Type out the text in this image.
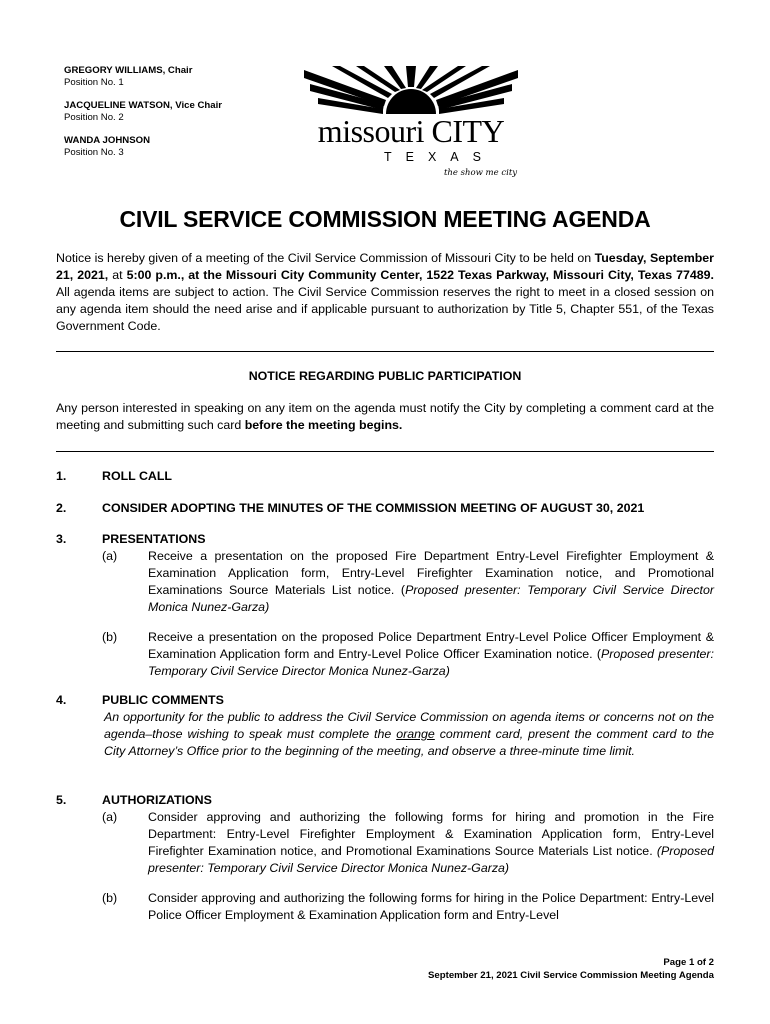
GREGORY WILLIAMS, Chair
Position No. 1
JACQUELINE WATSON, Vice Chair
Position No. 2
WANDA JOHNSON
Position No. 3
missouri CITY
TEXAS
the show me city
CIVIL SERVICE COMMISSION MEETING AGENDA
Notice is hereby given of a meeting of the Civil Service Commission of Missouri City to be held on Tuesday, September 21, 2021, at 5:00 p.m., at the Missouri City Community Center, 1522 Texas Parkway, Missouri City, Texas 77489. All agenda items are subject to action. The Civil Service Commission reserves the right to meet in a closed session on any agenda item should the need arise and if applicable pursuant to authorization by Title 5, Chapter 551, of the Texas Government Code.
NOTICE REGARDING PUBLIC PARTICIPATION
Any person interested in speaking on any item on the agenda must notify the City by completing a comment card at the meeting and submitting such card before the meeting begins.
1.	ROLL CALL
2.	CONSIDER ADOPTING THE MINUTES OF THE COMMISSION MEETING OF AUGUST 30, 2021
3.	PRESENTATIONS
(a) Receive a presentation on the proposed Fire Department Entry-Level Firefighter Employment & Examination Application form, Entry-Level Firefighter Examination notice, and Promotional Examinations Source Materials List notice. (Proposed presenter: Temporary Civil Service Director Monica Nunez-Garza)
(b) Receive a presentation on the proposed Police Department Entry-Level Police Officer Employment & Examination Application form and Entry-Level Police Officer Examination notice. (Proposed presenter: Temporary Civil Service Director Monica Nunez-Garza)
4.	PUBLIC COMMENTS
An opportunity for the public to address the Civil Service Commission on agenda items or concerns not on the agenda–those wishing to speak must complete the orange comment card, present the comment card to the City Attorney’s Office prior to the beginning of the meeting, and observe a three-minute time limit.
5.	AUTHORIZATIONS
(a) Consider approving and authorizing the following forms for hiring and promotion in the Fire Department: Entry-Level Firefighter Employment & Examination Application form, Entry-Level Firefighter Examination notice, and Promotional Examinations Source Materials List notice. (Proposed presenter: Temporary Civil Service Director Monica Nunez-Garza)
(b) Consider approving and authorizing the following forms for hiring in the Police Department: Entry-Level Police Officer Employment & Examination Application form and Entry-Level
Page 1 of 2
September 21, 2021 Civil Service Commission Meeting Agenda
